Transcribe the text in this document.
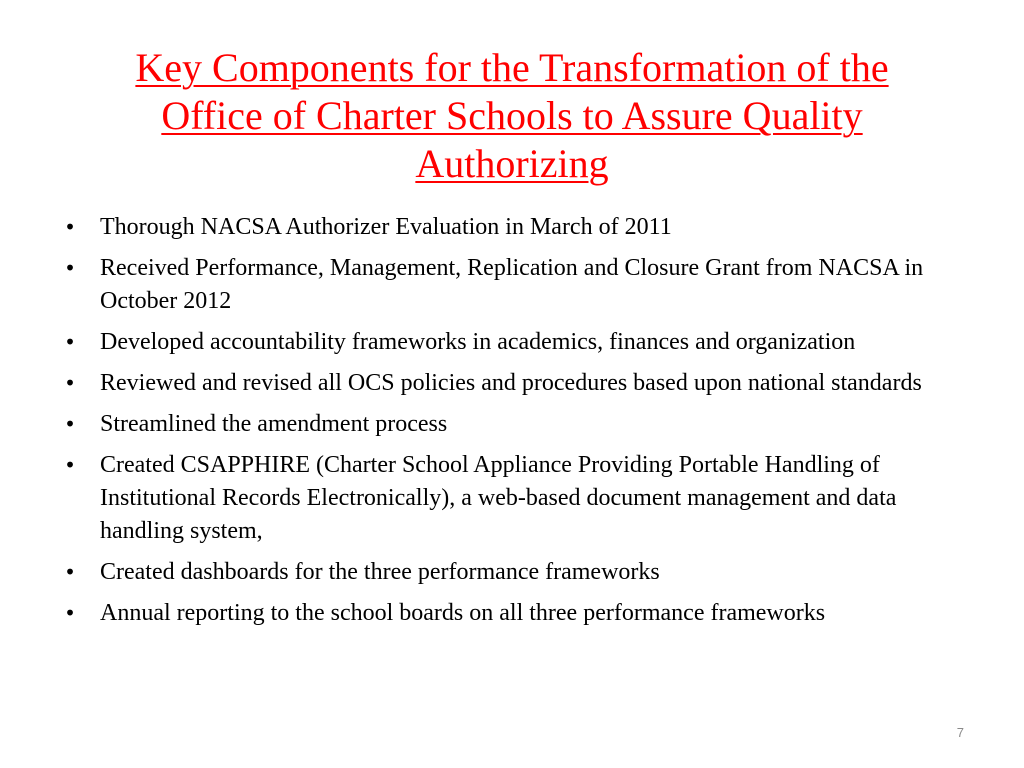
Key Components for the Transformation of the
Office of Charter Schools to Assure Quality
Authorizing
• Thorough NACSA Authorizer Evaluation in March of 2011
• Received Performance, Management, Replication and Closure Grant from NACSA in October 2012
• Developed accountability frameworks in academics, finances and organization
• Reviewed and revised all OCS policies and procedures based upon national standards
• Streamlined the amendment process
• Created CSAPPHIRE (Charter School Appliance Providing Portable Handling of Institutional Records Electronically), a web-based document management and data handling system,
• Created dashboards for the three performance frameworks
• Annual reporting to the school boards on all three performance frameworks
7
